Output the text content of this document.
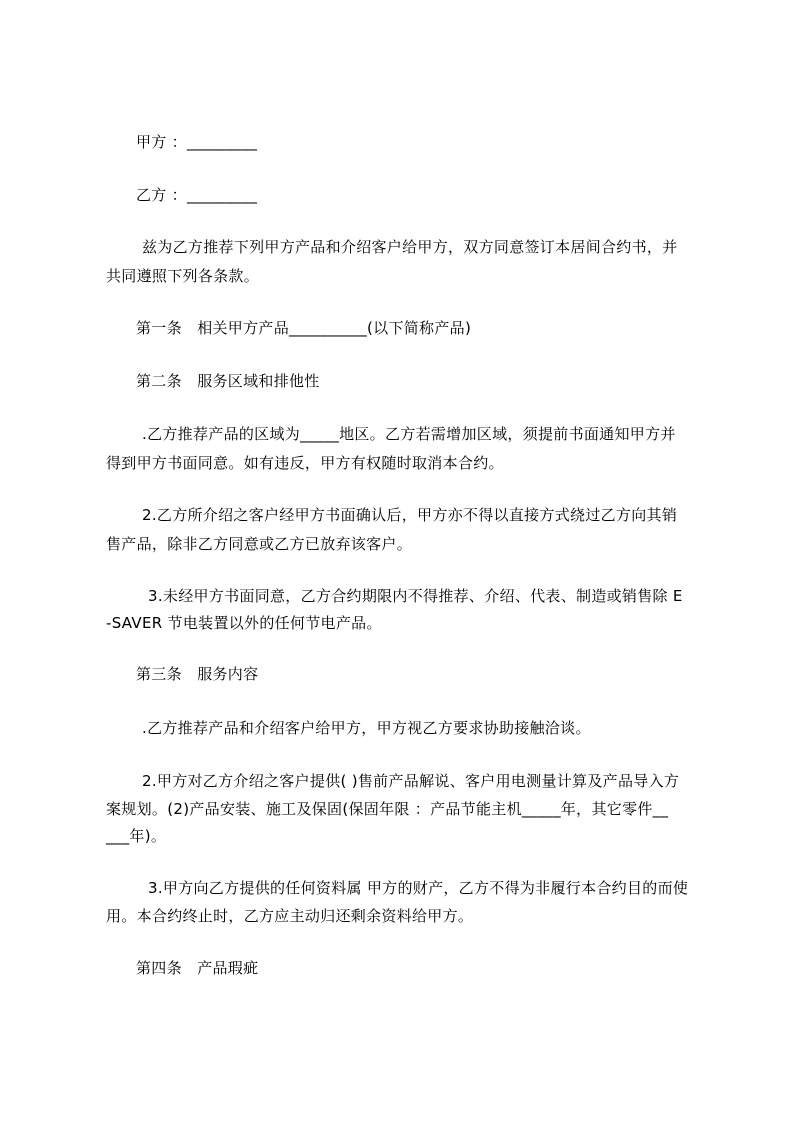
甲方 ：_________
乙方 ：_________
兹为乙方推荐下列甲方产品和介绍客户给甲方，双方同意签订本居间合约书，并
共同遵照下列各条款。
第一条　相关甲方产品__________(以下简称产品)
第二条　服务区域和排他性
.乙方推荐产品的区域为_____地区。乙方若需增加区域，须提前书面通知甲方并
得到甲方书面同意。如有违反，甲方有权随时取消本合约。
2.乙方所介绍之客户经甲方书面确认后，甲方亦不得以直接方式绕过乙方向其销
售产品，除非乙方同意或乙方已放弃该客户。
3.未经甲方书面同意，乙方合约期限内不得推荐、介绍、代表、制造或销售除 E
-SAVER 节电装置以外的任何节电产品。
第三条　服务内容
.乙方推荐产品和介绍客户给甲方，甲方视乙方要求协助接触洽谈。
2.甲方对乙方介绍之客户提供( )售前产品解说、客户用电测量计算及产品导入方
案规划。(2)产品安装、施工及保固(保固年限 ：产品节能主机_____年，其它零件__
___年)。
3.甲方向乙方提供的任何资料属 甲方的财产，乙方不得为非履行本合约目的而使
用。本合约终止时，乙方应主动归还剩余资料给甲方。
第四条　产品瑕疵
